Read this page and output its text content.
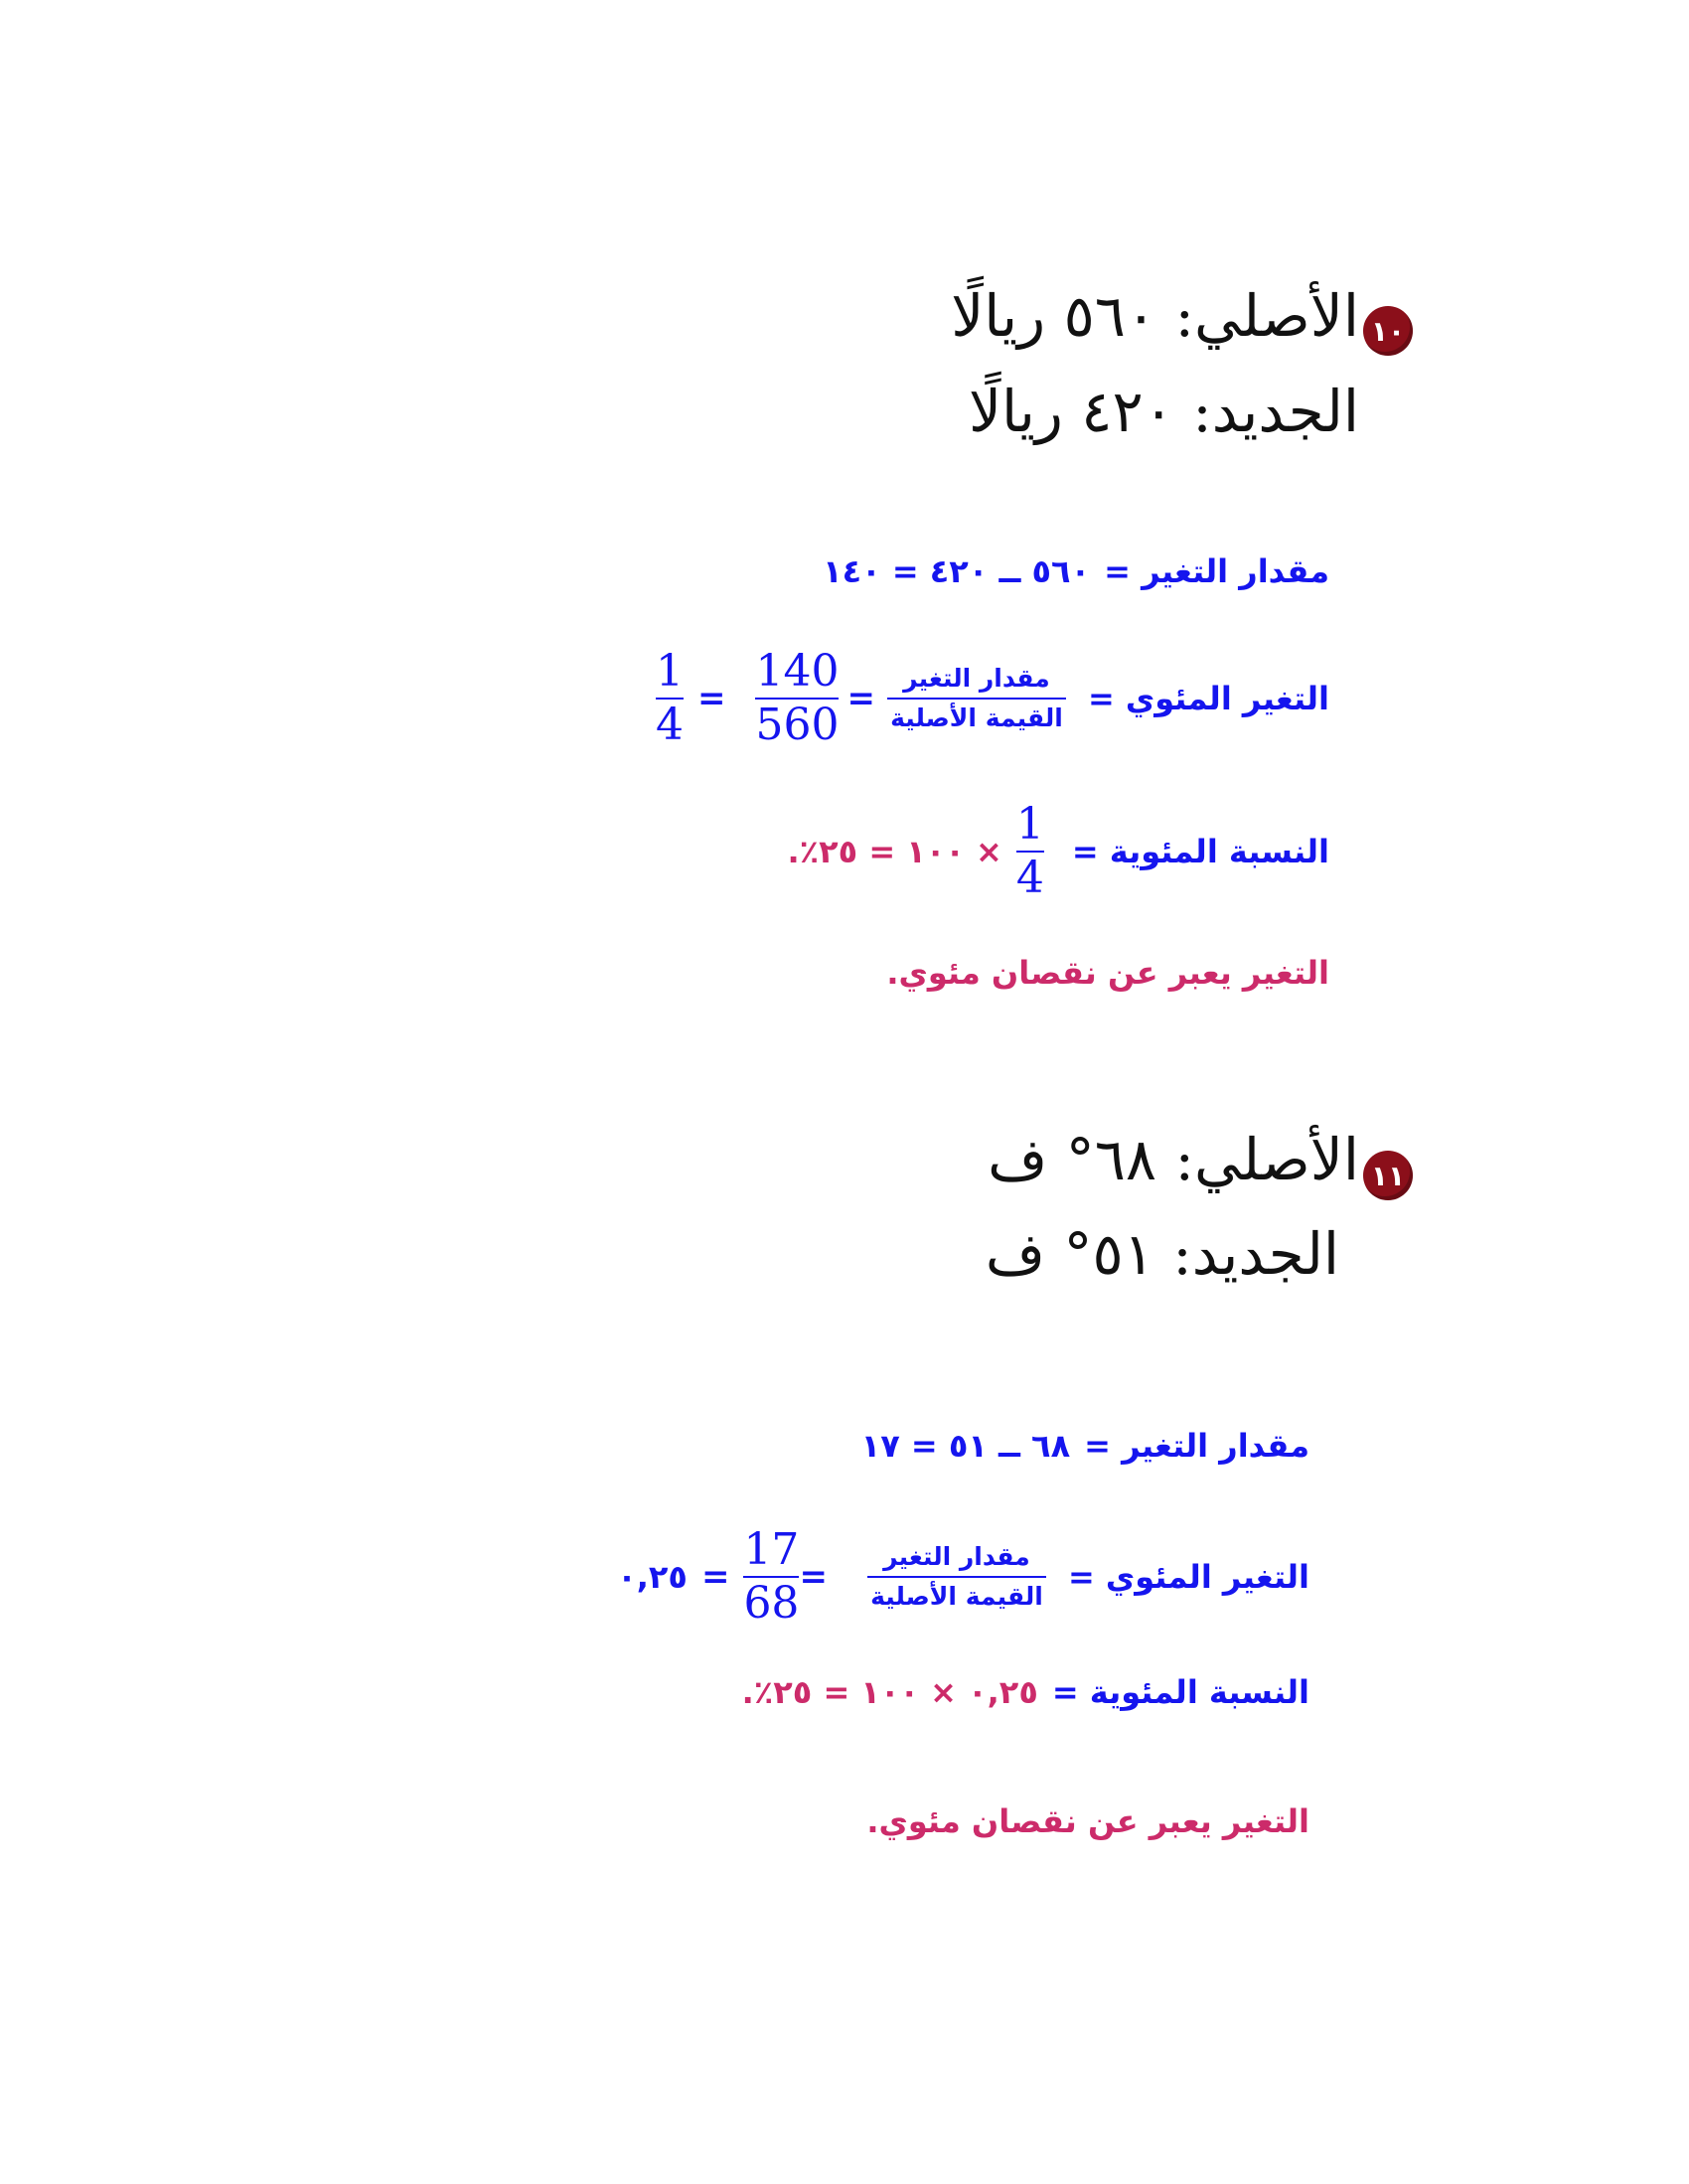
١٠
الأصلي: ٥٦٠ ريالًا
الجديد: ٤٢٠ ريالًا
مقدار التغير =
٥٦٠ ــ ٤٢٠ = ١٤٠
1
4
=
140
560
=
مقدار التغير
القيمة الأصلية
التغير المئوي =
× ١٠٠ = ٢٥٪.
1
4
النسبة المئوية =
التغير يعبر عن نقصان مئوي.
١١
الأصلي: ٦٨° ف
الجديد: ٥١° ف
مقدار التغير =
٦٨ ــ ٥١ = ١٧
٠,٢٥ =
17
68
=
مقدار التغير
القيمة الأصلية
التغير المئوي =
٠,٢٥ × ١٠٠ = ٢٥٪. النسبة المئوية =
التغير يعبر عن نقصان مئوي.
